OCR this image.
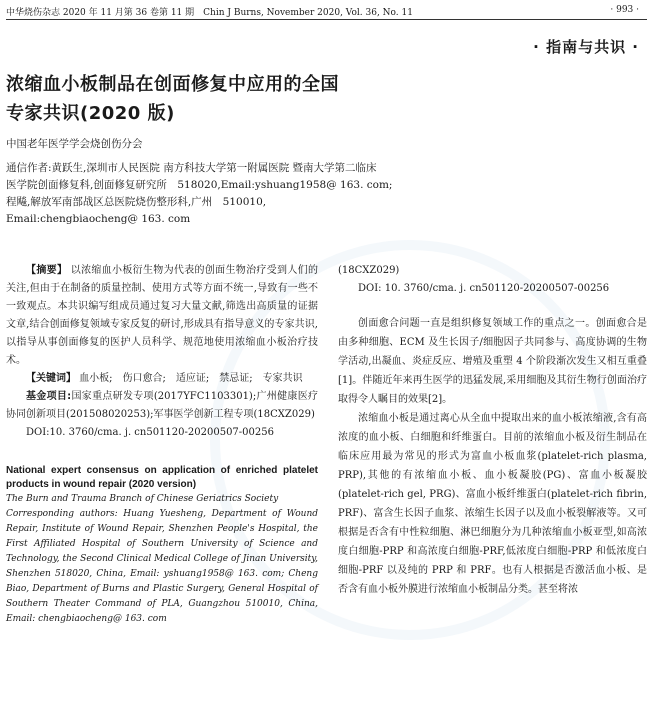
中华烧伤杂志 2020 年 11 月第 36 卷第 11 期　Chin J Burns, November 2020, Vol. 36, No. 11	· 993 ·
· 指南与共识 ·
浓缩血小板制品在创面修复中应用的全国
专家共识(2020 版)
中国老年医学学会烧创伤分会
通信作者:黄跃生,深圳市人民医院 南方科技大学第一附属医院 暨南大学第二临床
医学院创面修复科,创面修复研究所　518020,Email:yshuang1958@ 163. com;
程飚,解放军南部战区总医院烧伤整形科,广州　510010,
Email:chengbiaocheng@ 163. com

【摘要】 以浓缩血小板衍生物为代表的创面生物治疗受到人们的关注,但由于在制备的质量控制、使用方式等方面不统一,导致有一些不一致观点。本共识编写组成员通过复习大量文献,筛选出高质量的证据文章,结合创面修复领域专家反复的研讨,形成具有指导意义的专家共识,以指导从事创面修复的医护人员科学、规范地使用浓缩血小板治疗技术。

【关键词】 血小板;　伤口愈合;　适应证;　禁忌证;　专家共识

基金项目:国家重点研发专项(2017YFC1103301);广州健康医疗协同创新项目(201508020253);军事医学创新工程专项(18CXZ029)

DOI:10. 3760/cma. j. cn501120-20200507-00256

National expert consensus on application of enriched platelet products in wound repair (2020 version)

The Burn and Trauma Branch of Chinese Geriatrics Society
Corresponding authors: Huang Yuesheng, Department of Wound Repair, Institute of Wound Repair, Shenzhen People's Hospital, the First Affiliated Hospital of Southern University of Science and Technology, the Second Clinical Medical College of Jinan University, Shenzhen 518020, China, Email: yshuang1958@ 163. com; Cheng Biao, Department of Burns and Plastic Surgery, General Hospital of Southern Theater Command of PLA, Guangzhou 510010, China, Email: chengbiaocheng@ 163. com

(18CXZ029)

DOI: 10. 3760/cma. j. cn501120-20200507-00256

创面愈合问题一直是组织修复领域工作的重点之一。创面愈合是由多种细胞、ECM 及生长因子/细胞因子共同参与、高度协调的生物学活动,出凝血、炎症反应、增殖及重塑 4 个阶段渐次发生又相互重叠[1]。伴随近年来再生医学的迅猛发展,采用细胞及其衍生物行创面治疗取得令人瞩目的效果[2]。

浓缩血小板是通过离心从全血中提取出来的血小板浓缩液,含有高浓度的血小板、白细胞和纤维蛋白。目前的浓缩血小板及衍生制品在临床应用最为常见的形式为富血小板血浆(platelet-rich plasma, PRP),其他的有浓缩血小板、血小板凝胶(PG)、富血小板凝胶(platelet-rich gel, PRG)、富血小板纤维蛋白(platelet-rich fibrin, PRF)、富含生长因子血浆、浓缩生长因子以及血小板裂解液等。又可根据是否含有中性粒细胞、淋巴细胞分为几种浓缩血小板亚型,如高浓度白细胞-PRP 和高浓度白细胞-PRF,低浓度白细胞-PRP 和低浓度白细胞-PRF 以及纯的 PRP 和 PRF。也有人根据是否激活血小板、是否含有血小板外膜进行浓缩血小板制品分类。甚至将浓
